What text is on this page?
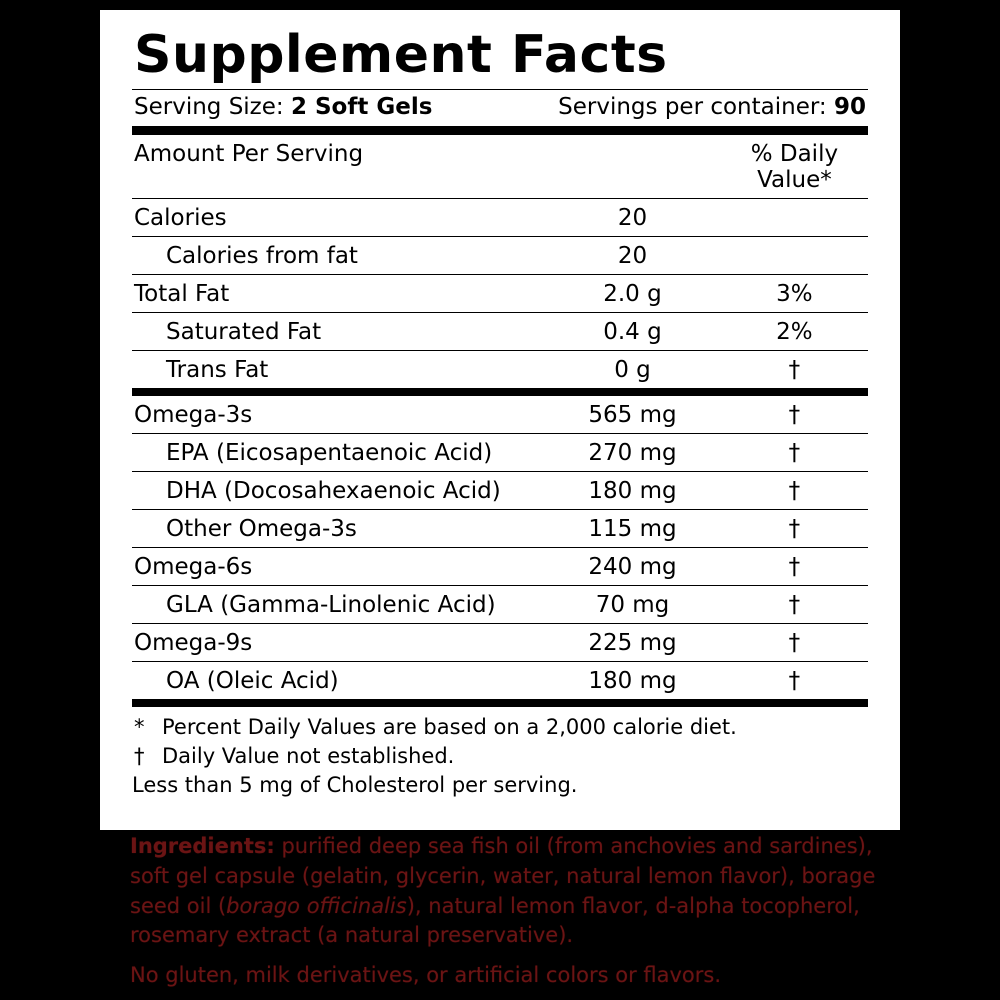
Supplement Facts
Serving Size: 2 Soft Gels	Servings per container: 90
Amount Per Serving		% Daily Value*
Calories	20	
Calories from fat	20	
Total Fat	2.0 g	3%
Saturated Fat	0.4 g	2%
Trans Fat	0 g	†
Omega-3s	565 mg	†
EPA (Eicosapentaenoic Acid)	270 mg	†
DHA (Docosahexaenoic Acid)	180 mg	†
Other Omega-3s	115 mg	†
Omega-6s	240 mg	†
GLA (Gamma-Linolenic Acid)	70 mg	†
Omega-9s	225 mg	†
OA (Oleic Acid)	180 mg	†
* Percent Daily Values are based on a 2,000 calorie diet.
† Daily Value not established.
Less than 5 mg of Cholesterol per serving.

Ingredients: purified deep sea fish oil (from anchovies and sardines), soft gel capsule (gelatin, glycerin, water, natural lemon flavor), borage seed oil (borago officinalis), natural lemon flavor, d-alpha tocopherol, rosemary extract (a natural preservative).

No gluten, milk derivatives, or artificial colors or flavors.
